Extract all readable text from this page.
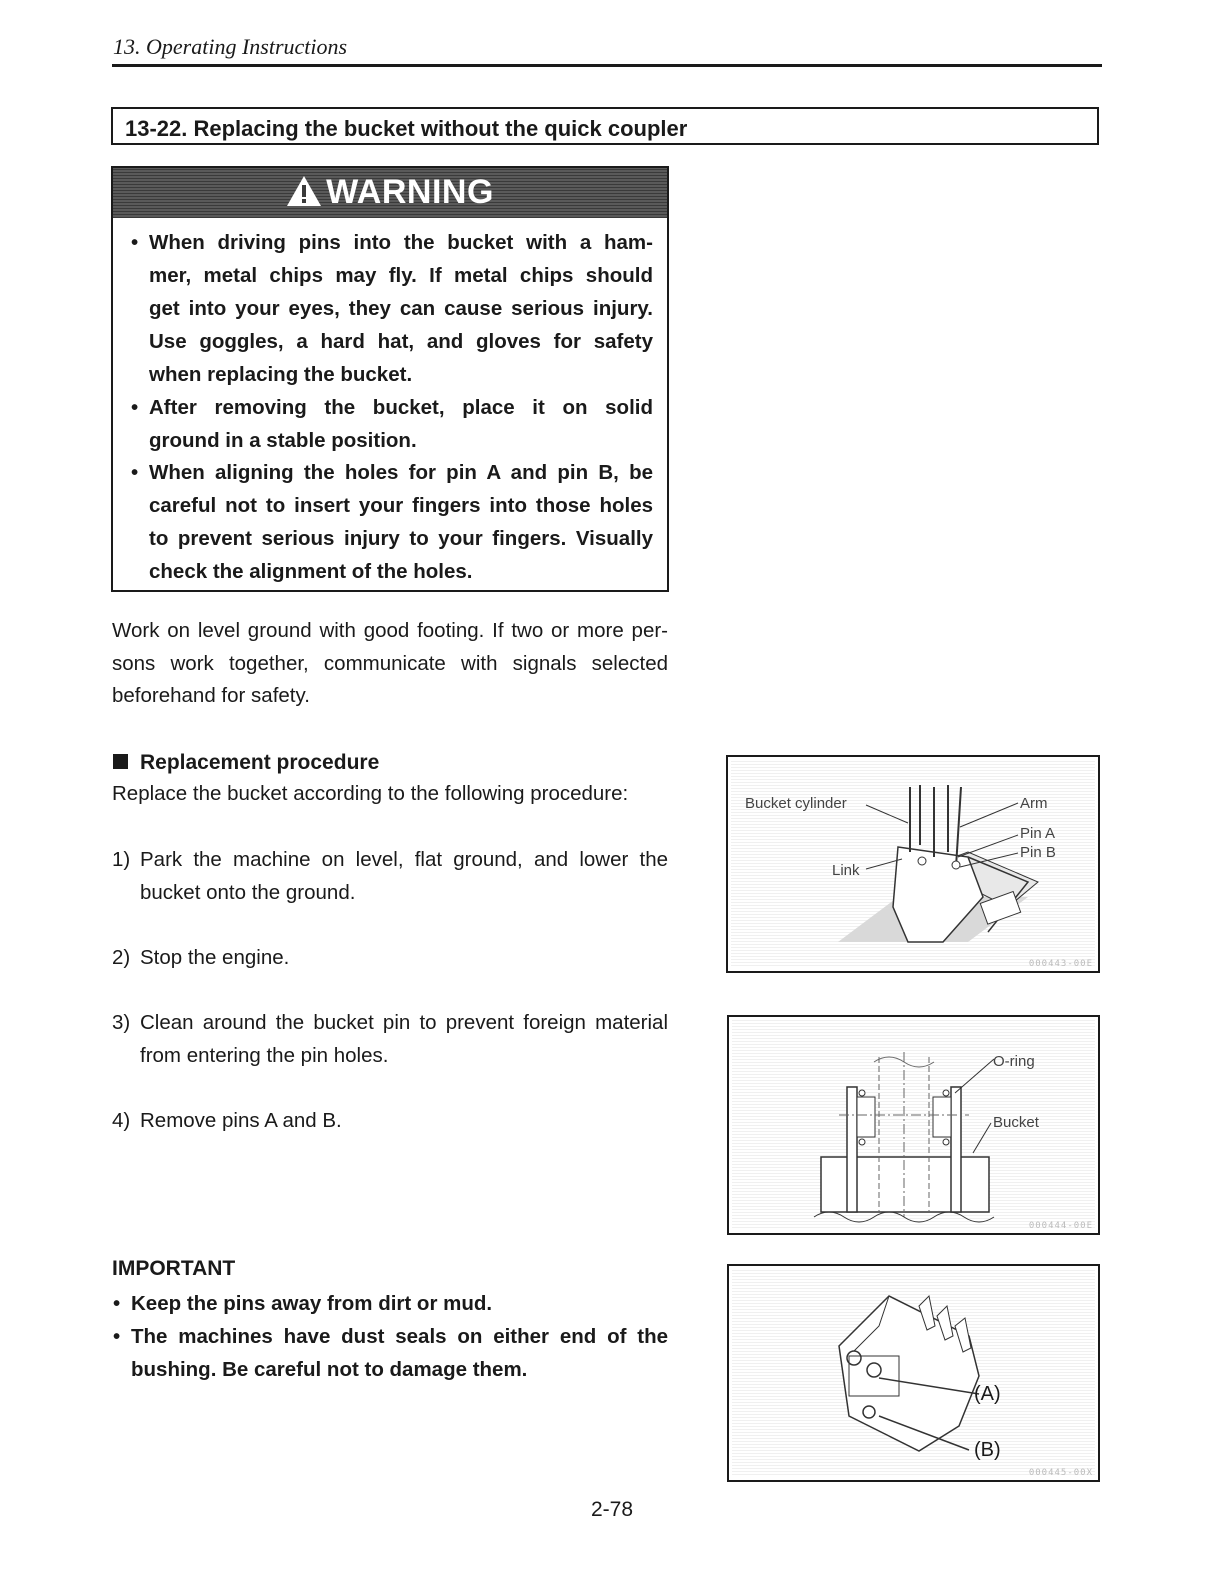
13. Operating Instructions
13-22. Replacing the bucket without the quick coupler
WARNING
• When driving pins into the bucket with a ham-
mer, metal chips may fly. If metal chips should
get into your eyes, they can cause serious injury.
Use goggles, a hard hat, and gloves for safety
when replacing the bucket.
• After removing the bucket, place it on solid
ground in a stable position.
• When aligning the holes for pin A and pin B, be
careful not to insert your fingers into those holes
to prevent serious injury to your fingers. Visually
check the alignment of the holes.
Work on level ground with good footing. If two or more per-
sons work together, communicate with signals selected
beforehand for safety.
Replacement procedure
Replace the bucket according to the following procedure:
1) Park the machine on level, flat ground, and lower the
bucket onto the ground.
2) Stop the engine.
3) Clean around the bucket pin to prevent foreign material
from entering the pin holes.
4) Remove pins A and B.
IMPORTANT
• Keep the pins away from dirt or mud.
• The machines have dust seals on either end of the
bushing. Be careful not to damage them.
Bucket cylinder	Arm
Pin A
Pin B
Link
000443-00E
O-ring
Bucket
000444-00E
(A)
(B)
000445-00X
2-78
